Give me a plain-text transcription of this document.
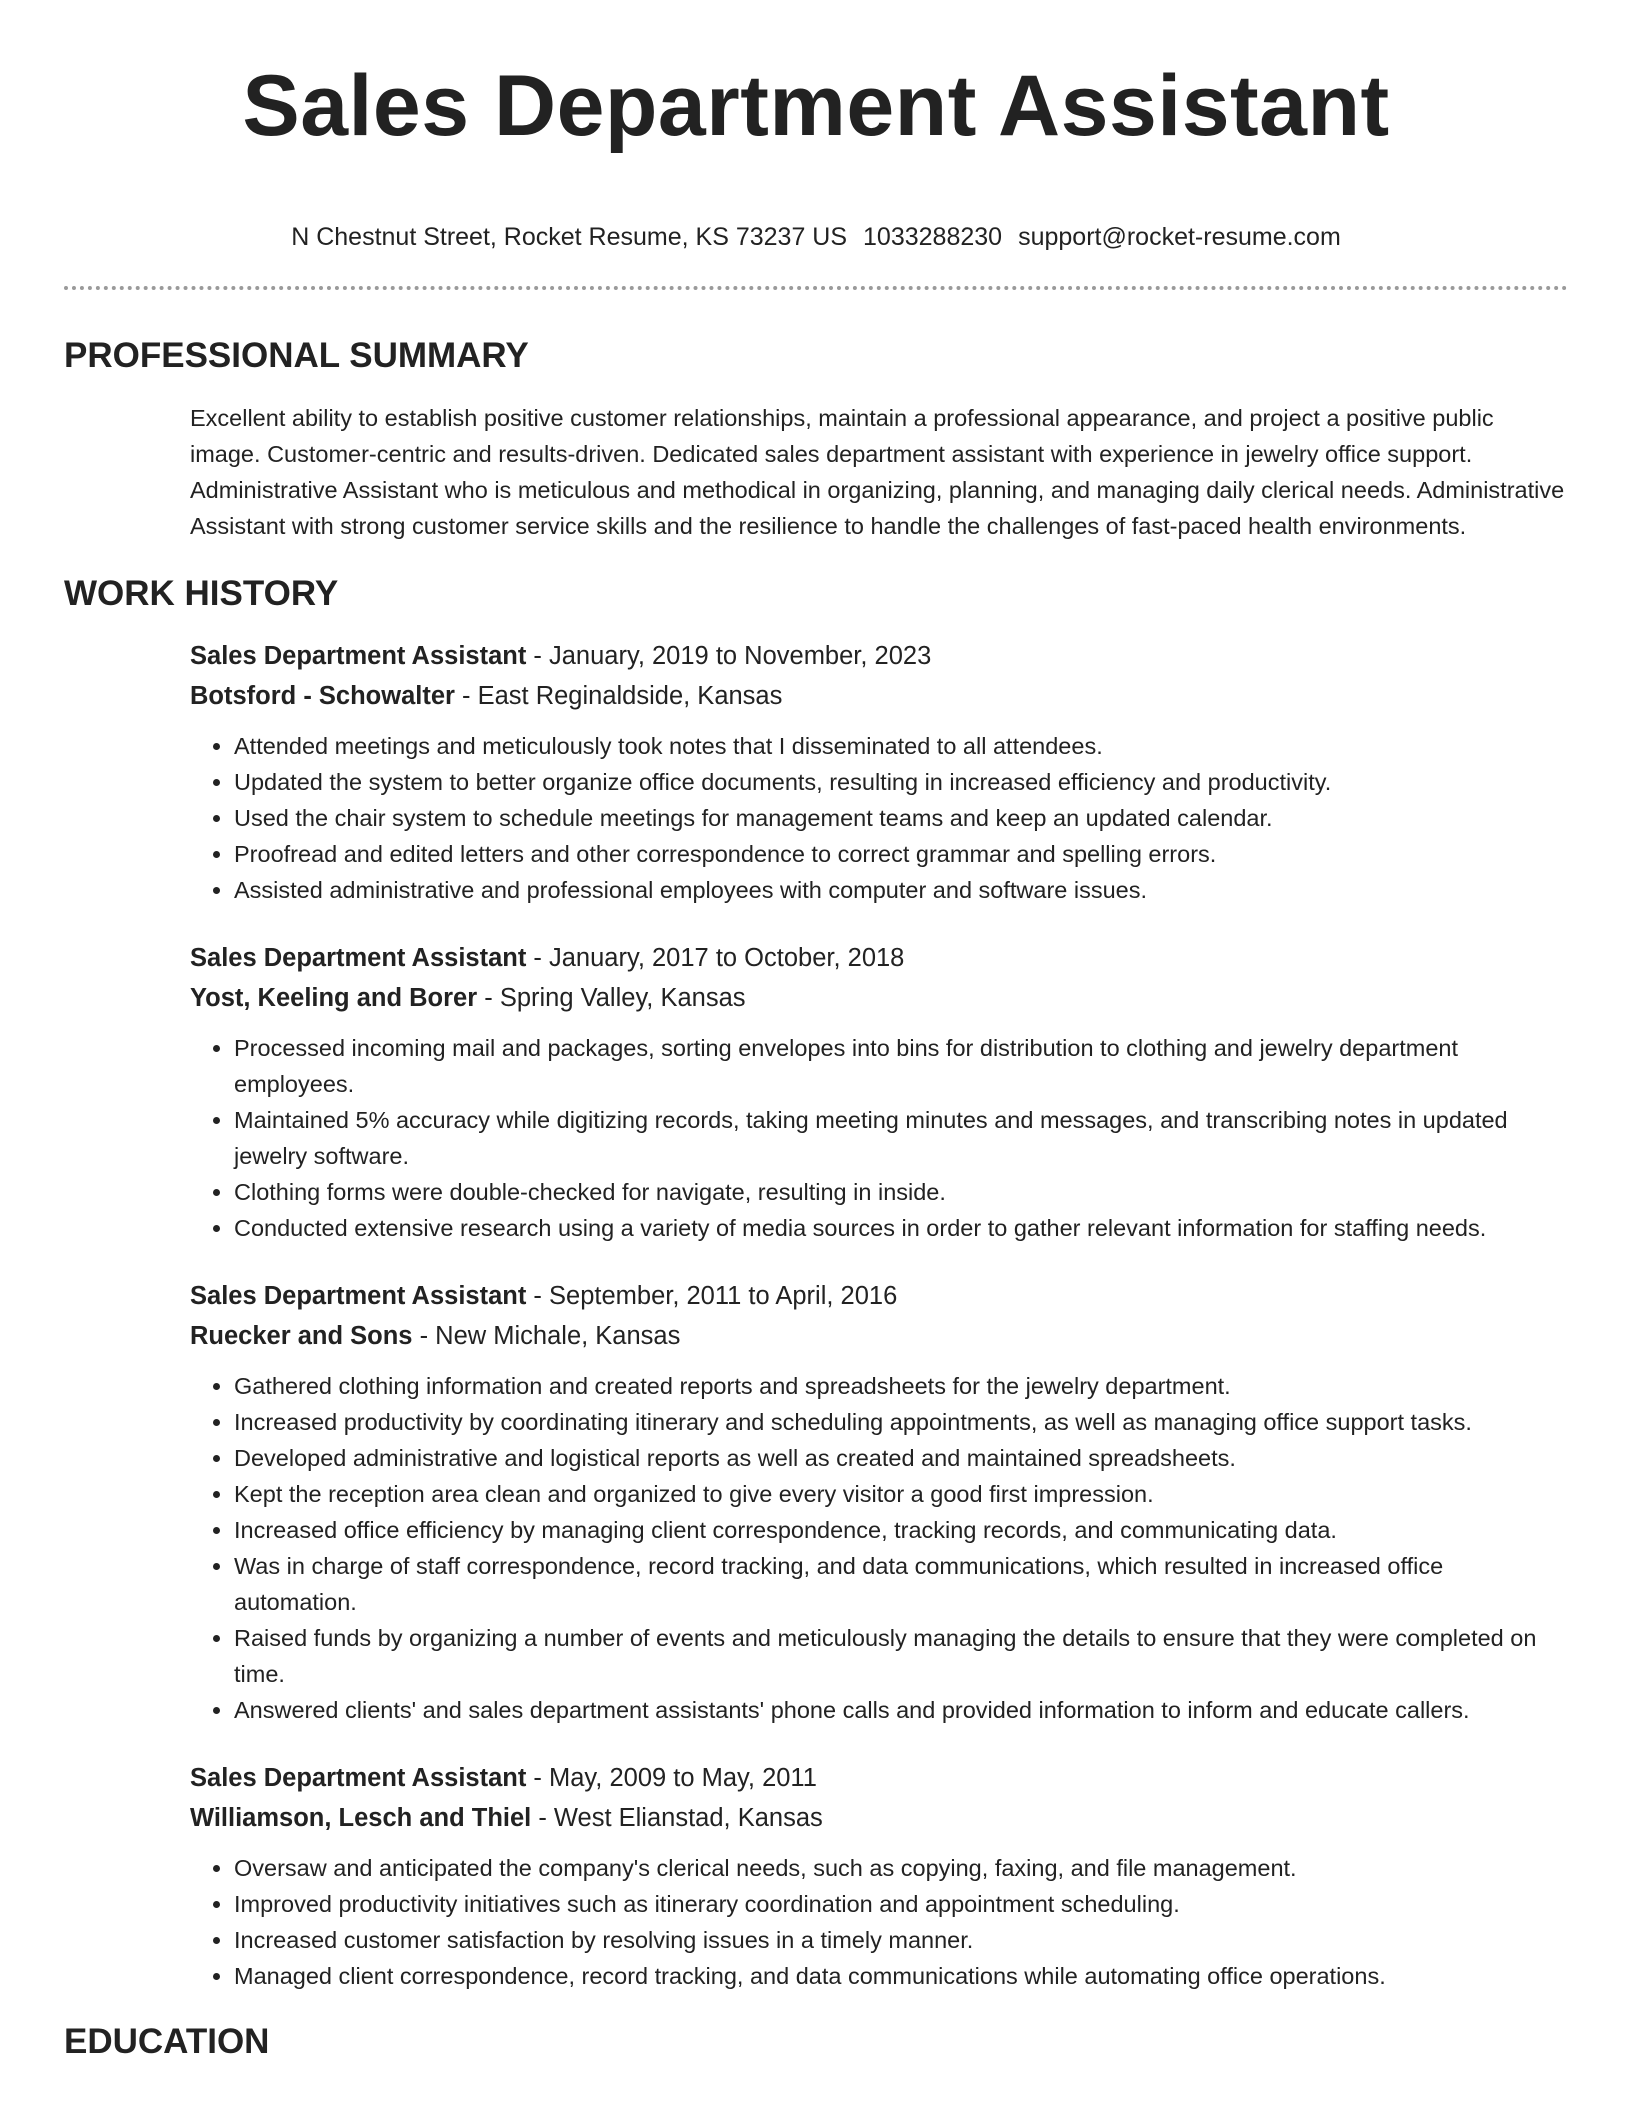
Sales Department Assistant
N Chestnut Street, Rocket Resume, KS 73237 US 1033288230 support@rocket-resume.com
PROFESSIONAL SUMMARY

Excellent ability to establish positive customer relationships, maintain a professional appearance, and project a positive public image. Customer-centric and results-driven. Dedicated sales department assistant with experience in jewelry office support. Administrative Assistant who is meticulous and methodical in organizing, planning, and managing daily clerical needs. Administrative Assistant with strong customer service skills and the resilience to handle the challenges of fast-paced health environments.

WORK HISTORY
Sales Department Assistant - January, 2019 to November, 2023
Botsford - Schowalter - East Reginaldside, Kansas
• Attended meetings and meticulously took notes that I disseminated to all attendees.
• Updated the system to better organize office documents, resulting in increased efficiency and productivity.
• Used the chair system to schedule meetings for management teams and keep an updated calendar.
• Proofread and edited letters and other correspondence to correct grammar and spelling errors.
• Assisted administrative and professional employees with computer and software issues.
Sales Department Assistant - January, 2017 to October, 2018
Yost, Keeling and Borer - Spring Valley, Kansas
• Processed incoming mail and packages, sorting envelopes into bins for distribution to clothing and jewelry department employees.
• Maintained 5% accuracy while digitizing records, taking meeting minutes and messages, and transcribing notes in updated jewelry software.
• Clothing forms were double-checked for navigate, resulting in inside.
• Conducted extensive research using a variety of media sources in order to gather relevant information for staffing needs.
Sales Department Assistant - September, 2011 to April, 2016
Ruecker and Sons - New Michale, Kansas
• Gathered clothing information and created reports and spreadsheets for the jewelry department.
• Increased productivity by coordinating itinerary and scheduling appointments, as well as managing office support tasks.
• Developed administrative and logistical reports as well as created and maintained spreadsheets.
• Kept the reception area clean and organized to give every visitor a good first impression.
• Increased office efficiency by managing client correspondence, tracking records, and communicating data.
• Was in charge of staff correspondence, record tracking, and data communications, which resulted in increased office automation.
• Raised funds by organizing a number of events and meticulously managing the details to ensure that they were completed on time.
• Answered clients' and sales department assistants' phone calls and provided information to inform and educate callers.
Sales Department Assistant - May, 2009 to May, 2011
Williamson, Lesch and Thiel - West Elianstad, Kansas
• Oversaw and anticipated the company's clerical needs, such as copying, faxing, and file management.
• Improved productivity initiatives such as itinerary coordination and appointment scheduling.
• Increased customer satisfaction by resolving issues in a timely manner.
• Managed client correspondence, record tracking, and data communications while automating office operations.
EDUCATION
